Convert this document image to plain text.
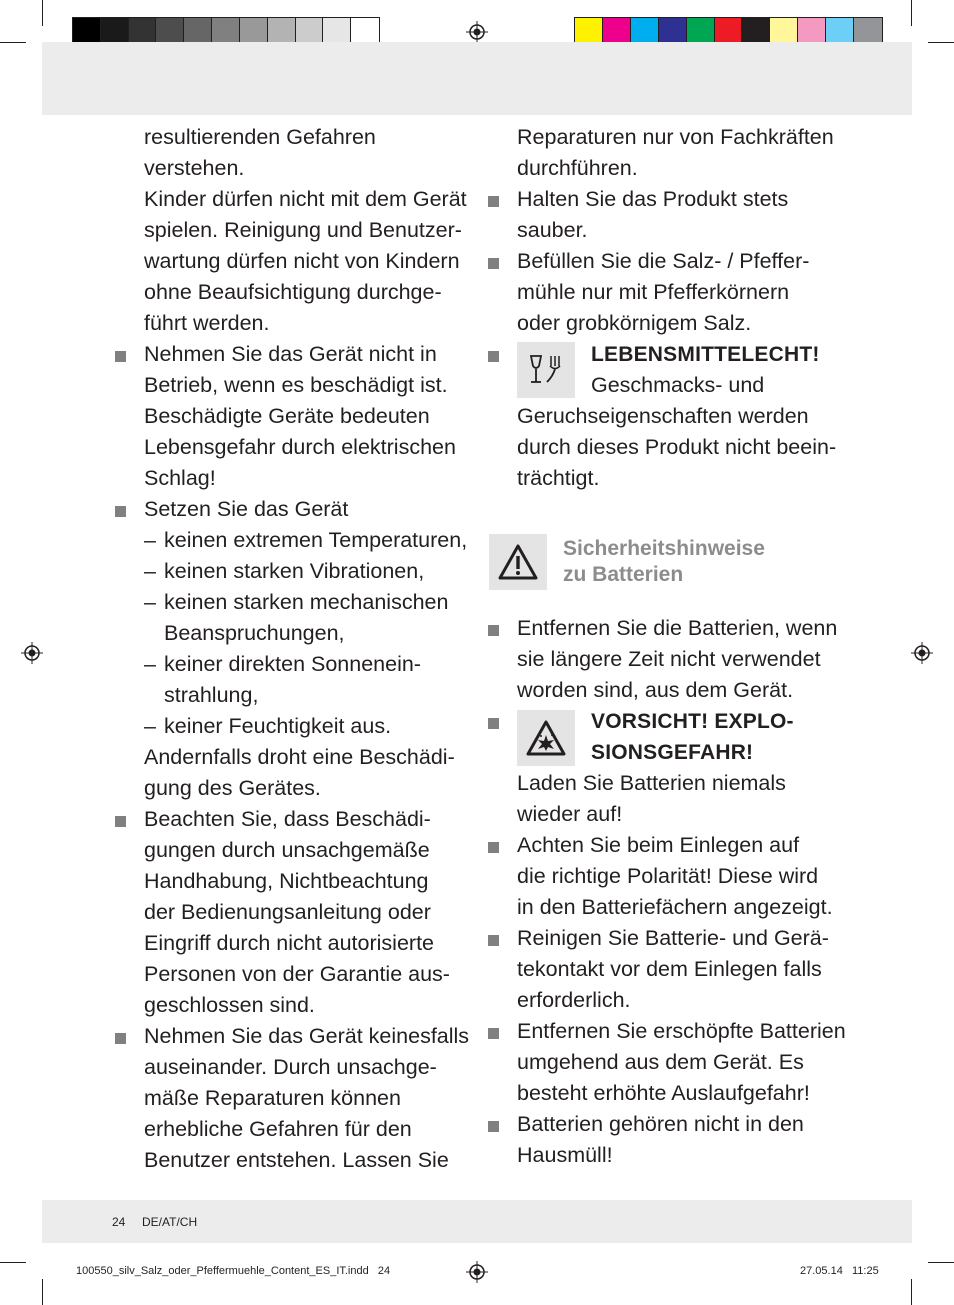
resultierenden Gefahren verstehen.
Kinder dürfen nicht mit dem Gerät
spielen. Reinigung und Benutzer-
wartung dürfen nicht von Kindern
ohne Beaufsichtigung durchge-
führt werden.
Nehmen Sie das Gerät nicht in
Betrieb, wenn es beschädigt ist.
Beschädigte Geräte bedeuten
Lebensgefahr durch elektrischen
Schlag!
Setzen Sie das Gerät
– keinen extremen Temperaturen,
– keinen starken Vibrationen,
– keinen starken mechanischen
Beanspruchungen,
– keiner direkten Sonnenein-
strahlung,
– keiner Feuchtigkeit aus.
Andernfalls droht eine Beschädi-
gung des Gerätes.
Beachten Sie, dass Beschädi-
gungen durch unsachgemäße
Handhabung, Nichtbeachtung
der Bedienungsanleitung oder
Eingriff durch nicht autorisierte
Personen von der Garantie aus-
geschlossen sind.
Nehmen Sie das Gerät keinesfalls
auseinander. Durch unsachge-
mäße Reparaturen können
erhebliche Gefahren für den
Benutzer entstehen. Lassen Sie
Reparaturen nur von Fachkräften
durchführen.
Halten Sie das Produkt stets
sauber.
Befüllen Sie die Salz- / Pfeffer-
mühle nur mit Pfefferkörnern
oder grobkörnigem Salz.
LEBENSMITTELECHT!
Geschmacks- und
Geruchseigenschaften werden
durch dieses Produkt nicht beein-
trächtigt.
Sicherheitshinweise
zu Batterien
Entfernen Sie die Batterien, wenn
sie längere Zeit nicht verwendet
worden sind, aus dem Gerät.
VORSICHT! EXPLO-
SIONSGEFAHR!
Laden Sie Batterien niemals
wieder auf!
Achten Sie beim Einlegen auf
die richtige Polarität! Diese wird
in den Batteriefächern angezeigt.
Reinigen Sie Batterie- und Gerä-
tekontakt vor dem Einlegen falls
erforderlich.
Entfernen Sie erschöpfte Batterien
umgehend aus dem Gerät. Es
besteht erhöhte Auslaufgefahr!
Batterien gehören nicht in den
Hausmüll!
24 DE/AT/CH
100550_silv_Salz_oder_Pfeffermuehle_Content_ES_IT.indd   24	27.05.14   11:25
